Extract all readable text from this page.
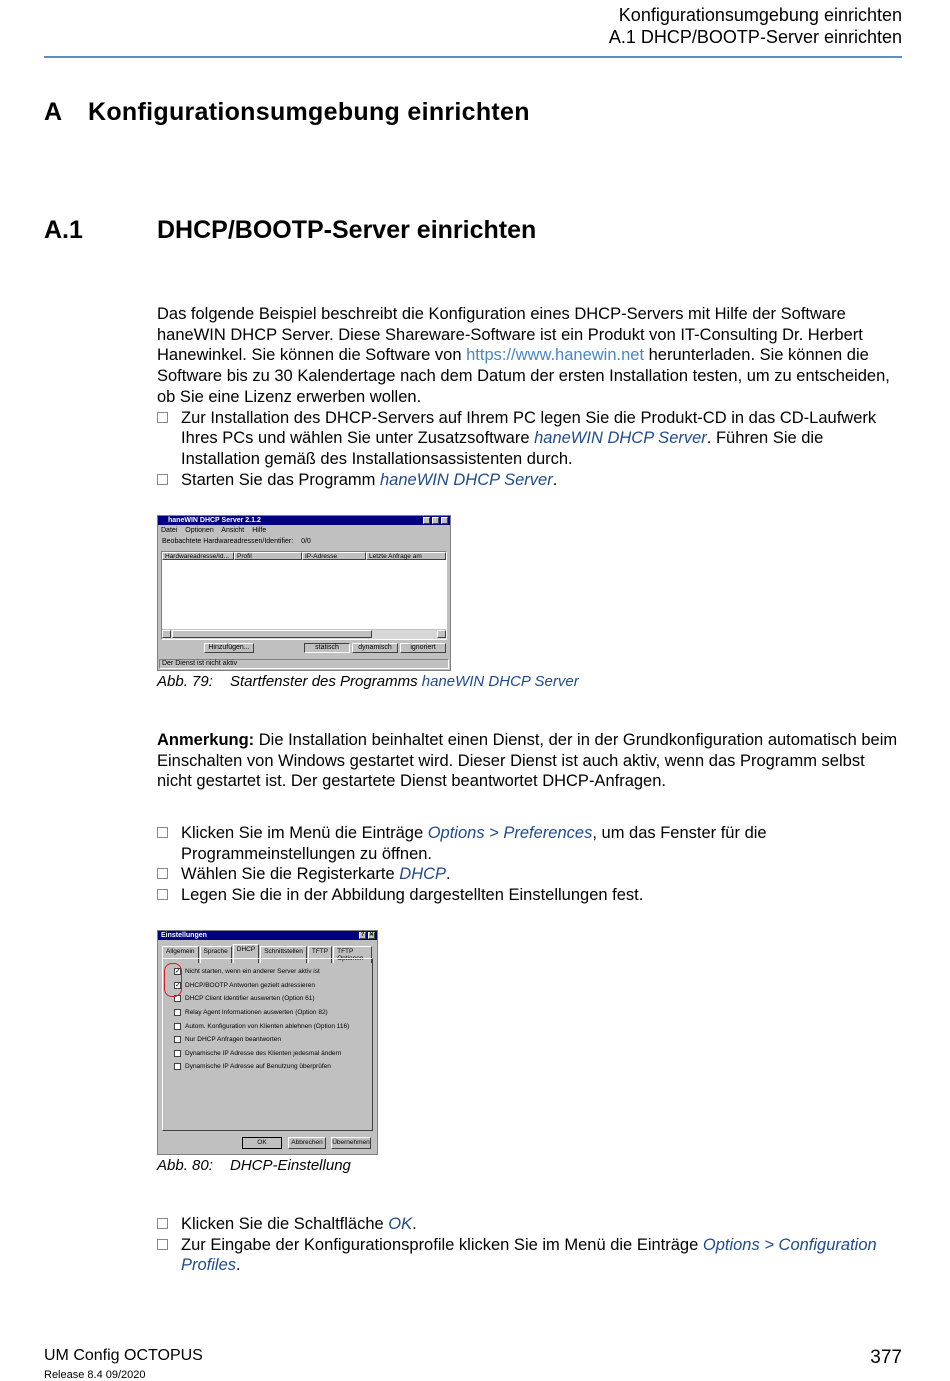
Konfigurationsumgebung einrichten
A.1 DHCP/BOOTP-Server einrichten
A Konfigurationsumgebung einrichten
A.1	DHCP/BOOTP-Server einrichten
Das folgende Beispiel beschreibt die Konfiguration eines DHCP-Servers mit Hilfe der Software haneWIN DHCP Server. Diese Shareware-Software ist ein Produkt von IT-Consulting Dr. Herbert Hanewinkel. Sie können die Software von https://www.hanewin.net herunterladen. Sie können die Software bis zu 30 Kalendertage nach dem Datum der ersten Installation testen, um zu entscheiden, ob Sie eine Lizenz erwerben wollen.
Zur Installation des DHCP-Servers auf Ihrem PC legen Sie die Produkt-CD in das CD-Laufwerk Ihres PCs und wählen Sie unter Zusatzsoftware haneWIN DHCP Server. Führen Sie die Installation gemäß des Installationsassistenten durch.
Starten Sie das Programm haneWIN DHCP Server.
haneWIN DHCP Server 2.1.2
Datei Optionen Ansicht Hilfe
Beobachtete Hardwareadressen/Identifier: 0/0
Hardwareadresse/Id...	Profil	IP-Adresse	Letzte Anfrage am
Hinzufügen...	statisch	dynamisch	ignoriert
Der Dienst ist nicht aktiv
Abb. 79: Startfenster des Programms haneWIN DHCP Server
Anmerkung: Die Installation beinhaltet einen Dienst, der in der Grundkonfiguration automatisch beim Einschalten von Windows gestartet wird. Dieser Dienst ist auch aktiv, wenn das Programm selbst nicht gestartet ist. Der gestartete Dienst beantwortet DHCP-Anfragen.
Klicken Sie im Menü die Einträge Options > Preferences, um das Fenster für die Programmeinstellungen zu öffnen.
Wählen Sie die Registerkarte DHCP.
Legen Sie die in der Abbildung dargestellten Einstellungen fest.
Einstellungen	? ✕
Allgemein	Sprache	DHCP	Schnittstellen	TFTP	TFTP Optionen
✓ Nicht starten, wenn ein anderer Server aktiv ist
✓ DHCP/BOOTP Antworten gezielt adressieren
DHCP Client Identifier auswerten (Option 61)
Relay Agent Informationen auswerten (Option 82)
Autom. Konfiguration von Klienten ablehnen (Option 116)
Nur DHCP Anfragen beantworten
Dynamische IP Adresse des Klienten jedesmal ändern
Dynamische IP Adresse auf Benutzung überprüfen
OK	Abbrechen	Übernehmen
Abb. 80: DHCP-Einstellung
Klicken Sie die Schaltfläche OK.
Zur Eingabe der Konfigurationsprofile klicken Sie im Menü die Einträge Options > Configuration Profiles.
UM Config OCTOPUS
Release 8.4 09/2020
377
